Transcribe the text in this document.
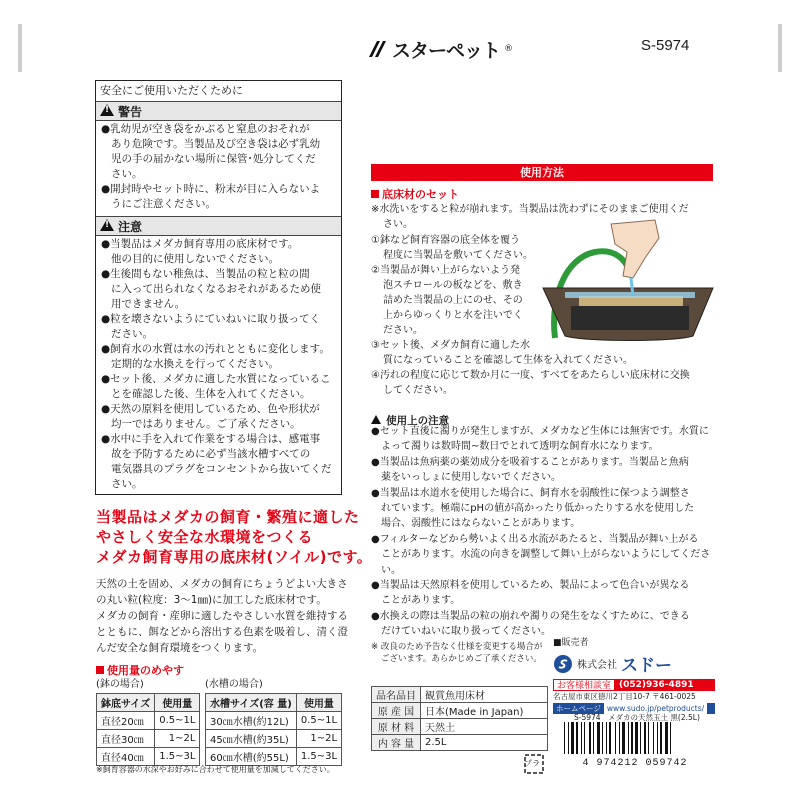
スターペット ®	S-5974
安全にご使用いただくために
!
警告
●乳幼児が空き袋をかぶると窒息のおそれが
あり危険です。当製品及び空き袋は必ず乳幼
児の手の届かない場所に保管･処分してくだ
さい。
●開封時やセット時に、粉末が目に入らないよ
うにご注意ください。
!
注意
●当製品はメダカ飼育専用の底床材です。
他の目的に使用しないでください。
●生後間もない稚魚は、当製品の粒と粒の間
に入って出られなくなるおそれがあるため使
用できません。
●粒を壊さないようにていねいに取り扱ってく
ださい。
●飼育水の水質は水の汚れとともに変化します。
定期的な水換えを行ってください。
●セット後、メダカに適した水質になっているこ
とを確認した後、生体を入れてください。
●天然の原料を使用しているため、色や形状が
均一ではありません。ご了承ください。
●水中に手を入れて作業をする場合は、感電事
故を予防するために必ず当該水槽すべての
電気器具のプラグをコンセントから抜いてくだ
さい。
当製品はメダカの飼育・繁殖に適した
やさしく安全な水環境をつくる
メダカ飼育専用の底床材(ソイル)です。
天然の土を固め、メダカの飼育にちょうどよい大きさ
の丸い粒(粒度：3～1㎜)に加工した底床材です。
メダカの飼育・産卵に適したやさしい水質を維持する
とともに、餌などから溶出する色素を吸着し、清く澄
んだ安全な飼育環境をつくります。
使用量のめやす
(鉢の場合)	(水槽の場合)
鉢底サイズ	使用量
直径20㎝	0.5~1L
直径30㎝	1~2L
直径40㎝	1.5~3L
水槽サイズ(容 量)	使用量
30㎝水槽(約12L)	0.5~1L
45㎝水槽(約35L)	1~2L
60㎝水槽(約55L)	1.5~3L
※飼育容器の水深やお好みに合わせて使用量を加減してください。
使用方法
底床材のセット
※水洗いをすると粒が崩れます。当製品は洗わずにそのままご使用くだ
さい。
①鉢など飼育容器の底全体を覆う
程度に当製品を敷いてください。
②当製品が舞い上がらないよう発
泡スチロールの板などを、敷き
詰めた当製品の上にのせ、その
上からゆっくりと水を注いでく
ださい。
③セット後、メダカ飼育に適した水
質になっていることを確認して生体を入れてください。
④汚れの程度に応じて数か月に一度、すべてをあたらしい底床材に交換
してください。
使用上の注意
●セット直後に濁りが発生しますが、メダカなど生体には無害です。水質に
よって濁りは数時間~数日でとれて透明な飼育水になります。
●当製品は魚病薬の薬効成分を吸着することがあります。当製品と魚病
薬をいっしょに使用しないでください。
●当製品は水道水を使用した場合に、飼育水を弱酸性に保つよう調整さ
れています。極端にpHの値が高かったり低かったりする水を使用した
場合、弱酸性にはならないことがあります。
●フィルターなどから勢いよく出る水流があたると、当製品が舞い上がる
ことがあります。水流の向きを調整して舞い上がらないようにしてくださ
い。
●当製品は天然原料を使用しているため、製品によって色合いが異なる
ことがあります。
●水換えの際は当製品の粒の崩れや濁りの発生をなくすために、できる
だけていねいに取り扱ってください。
※ 改良のため予告なく仕様を変更する場合が
ございます。あらかじめご了承ください。
品名品目	観賞魚用床材
原 産 国	日本(Made in Japan)
原 材 料	天然土
内 容 量	2.5L
プラ
■販売者
株式会社 スドー
お客様相談室 (052)936-4891
名古屋市東区徳川2丁目10-7 〒461-0025
ホームページ www.sudo.jp/petproducts/
S-5974　メダカの天然玉土 黒(2.5L)
4 974212 059742
